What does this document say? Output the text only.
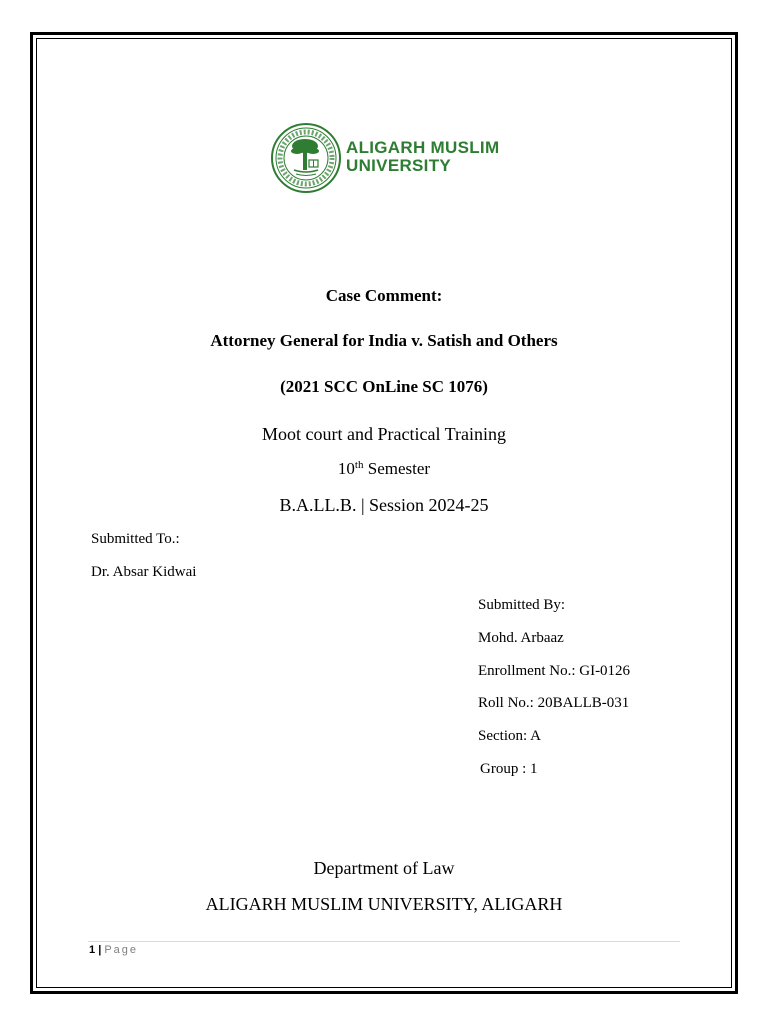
ALIGARH MUSLIM
UNIVERSITY
Case Comment:
Attorney General for India v. Satish and Others
(2021 SCC OnLine SC 1076)
Moot court and Practical Training
10th Semester
B.A.LL.B. | Session 2024-25
Submitted To.:
Dr. Absar Kidwai
Submitted By:
Mohd. Arbaaz
Enrollment No.: GI-0126
Roll No.: 20BALLB-031
Section: A
Group : 1
Department of Law
ALIGARH MUSLIM UNIVERSITY, ALIGARH
1 | Page
